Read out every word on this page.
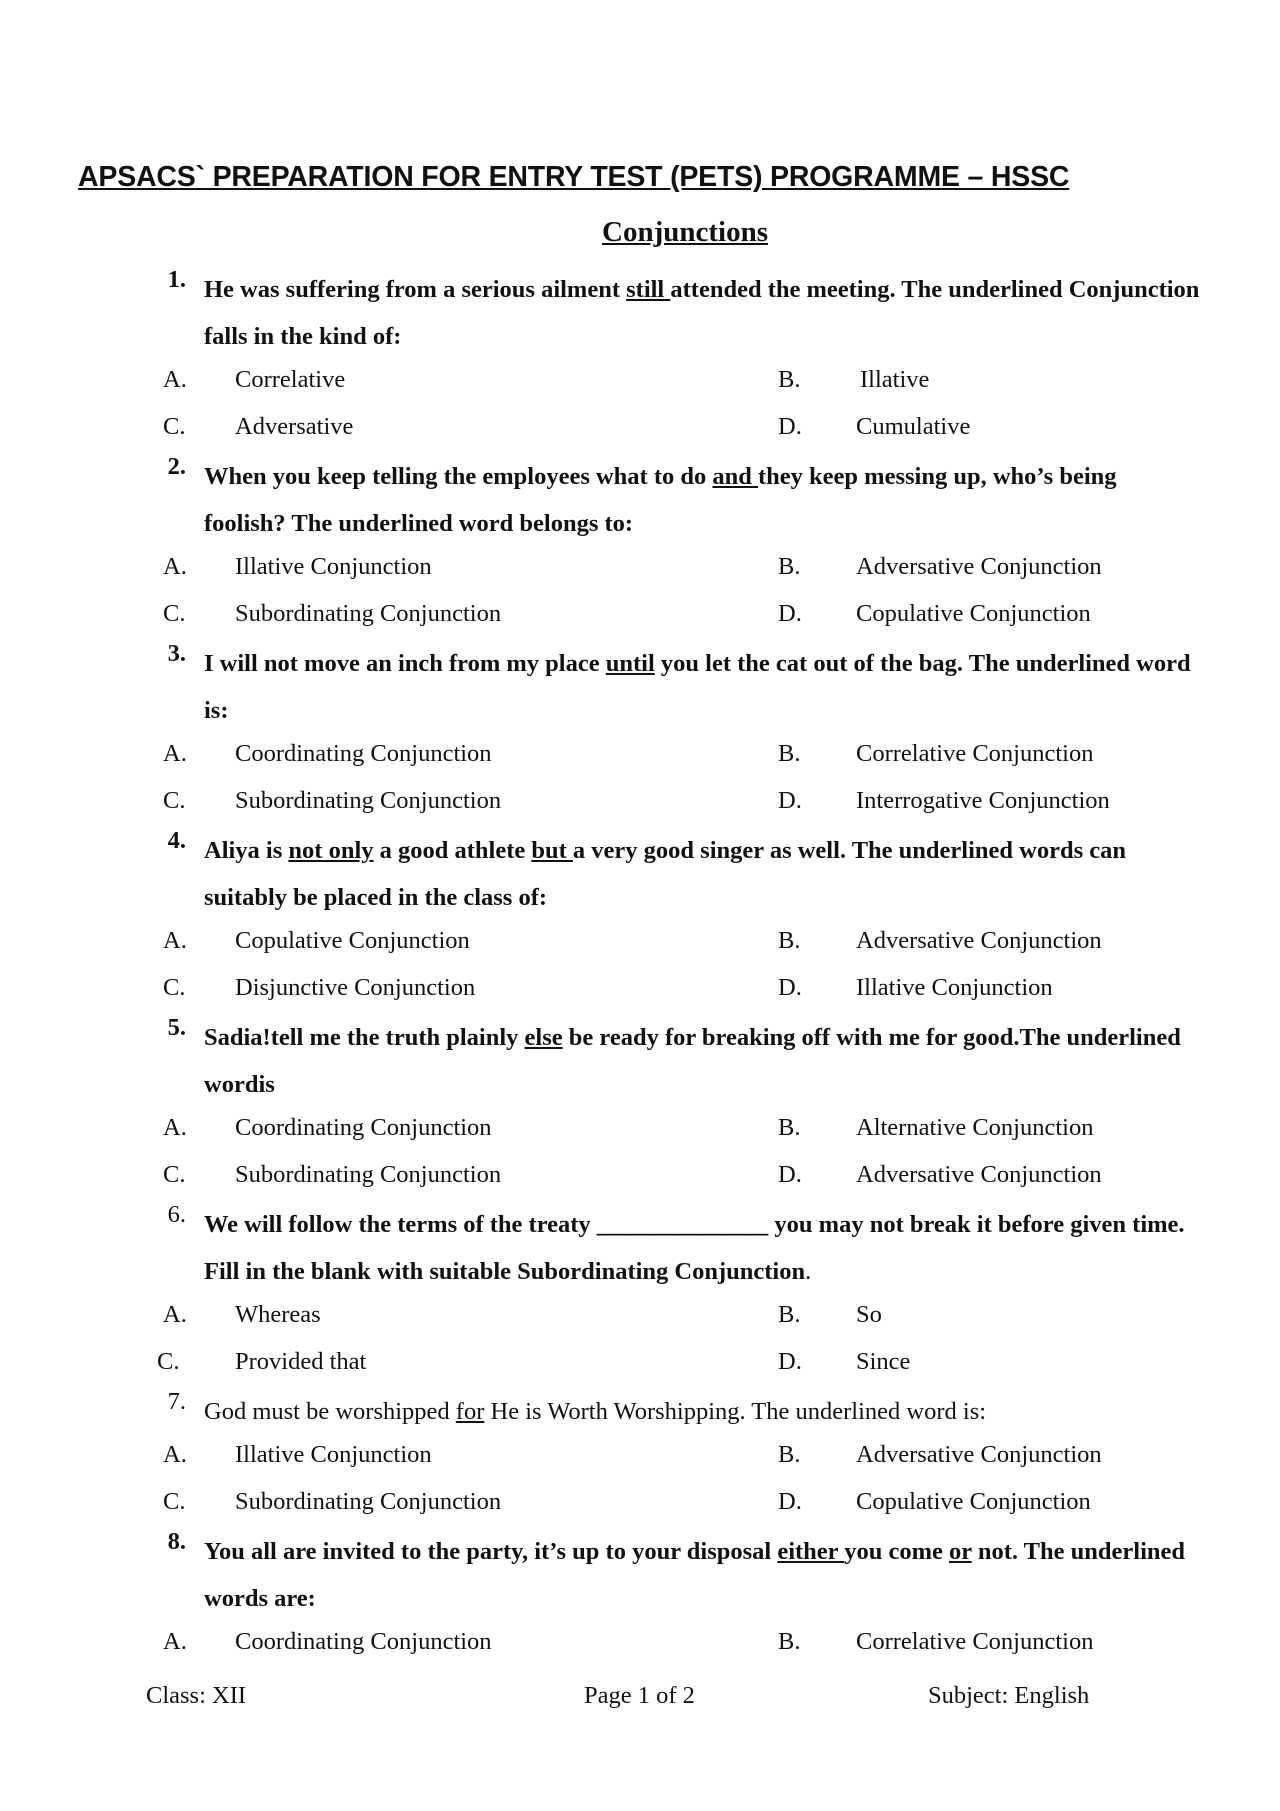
APSACS` PREPARATION FOR ENTRY TEST (PETS) PROGRAMME – HSSC
Conjunctions
1. He was suffering from a serious ailment still attended the meeting. The underlined Conjunction falls in the kind of:
A. Correlative	B. Illative
C. Adversative	D. Cumulative
2. When you keep telling the employees what to do and they keep messing up, who’s being foolish? The underlined word belongs to:
A. Illative Conjunction	B. Adversative Conjunction
C. Subordinating Conjunction	D. Copulative Conjunction
3. I will not move an inch from my place until you let the cat out of the bag. The underlined word is:
A. Coordinating Conjunction	B. Correlative Conjunction
C. Subordinating Conjunction	D. Interrogative Conjunction
4. Aliya is not only a good athlete but a very good singer as well. The underlined words can suitably be placed in the class of:
A. Copulative Conjunction	B. Adversative Conjunction
C. Disjunctive Conjunction	D. Illative Conjunction
5. Sadia!tell me the truth plainly else be ready for breaking off with me for good.The underlined wordis
A. Coordinating Conjunction	B. Alternative Conjunction
C. Subordinating Conjunction	D. Adversative Conjunction
6. We will follow the terms of the treaty ______________ you may not break it before given time. Fill in the blank with suitable Subordinating Conjunction.
A. Whereas	B. So
C. Provided that	D. Since
7. God must be worshipped for He is Worth Worshipping. The underlined word is:
A. Illative Conjunction	B. Adversative Conjunction
C. Subordinating Conjunction	D. Copulative Conjunction
8. You all are invited to the party, it’s up to your disposal either you come or not. The underlined words are:
A. Coordinating Conjunction	B. Correlative Conjunction
Class: XII	Page 1 of 2	Subject: English
